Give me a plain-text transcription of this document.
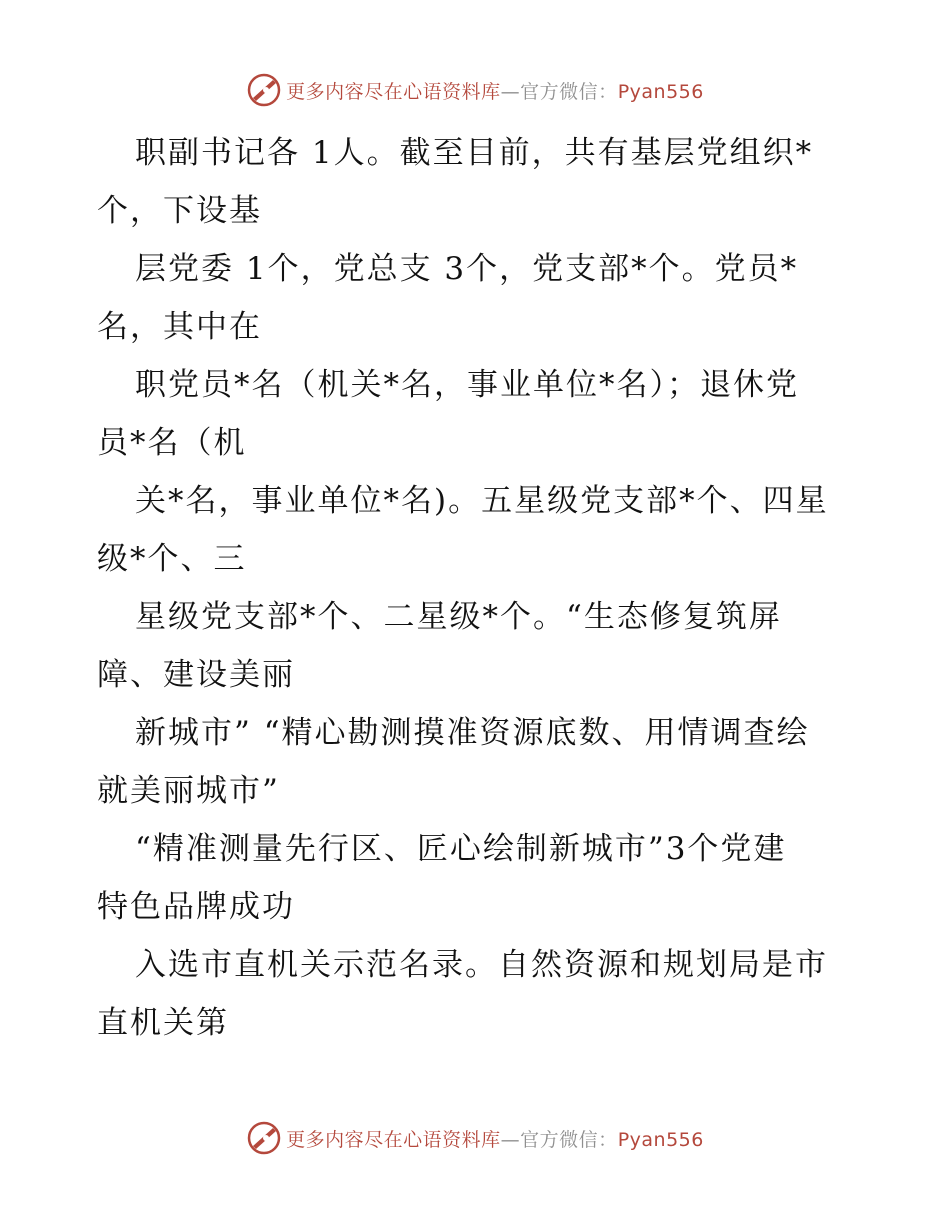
更多内容尽在心语资料库—官方微信：Pyan556
职副书记各 1人。截至目前，共有基层党组织*
个，下设基
层党委 1个，党总支 3个，党支部*个。党员*
名，其中在
职党员*名（机关*名，事业单位*名）；退休党
员*名（机
关*名，事业单位*名)。五星级党支部*个、四星
级*个、三
星级党支部*个、二星级*个。“生态修复筑屏
障、建设美丽
新城市” “精心勘测摸准资源底数、用情调查绘
就美丽城市”
“精准测量先行区、匠心绘制新城市”3个党建
特色品牌成功
入选市直机关示范名录。自然资源和规划局是市
直机关第
更多内容尽在心语资料库—官方微信：Pyan556
